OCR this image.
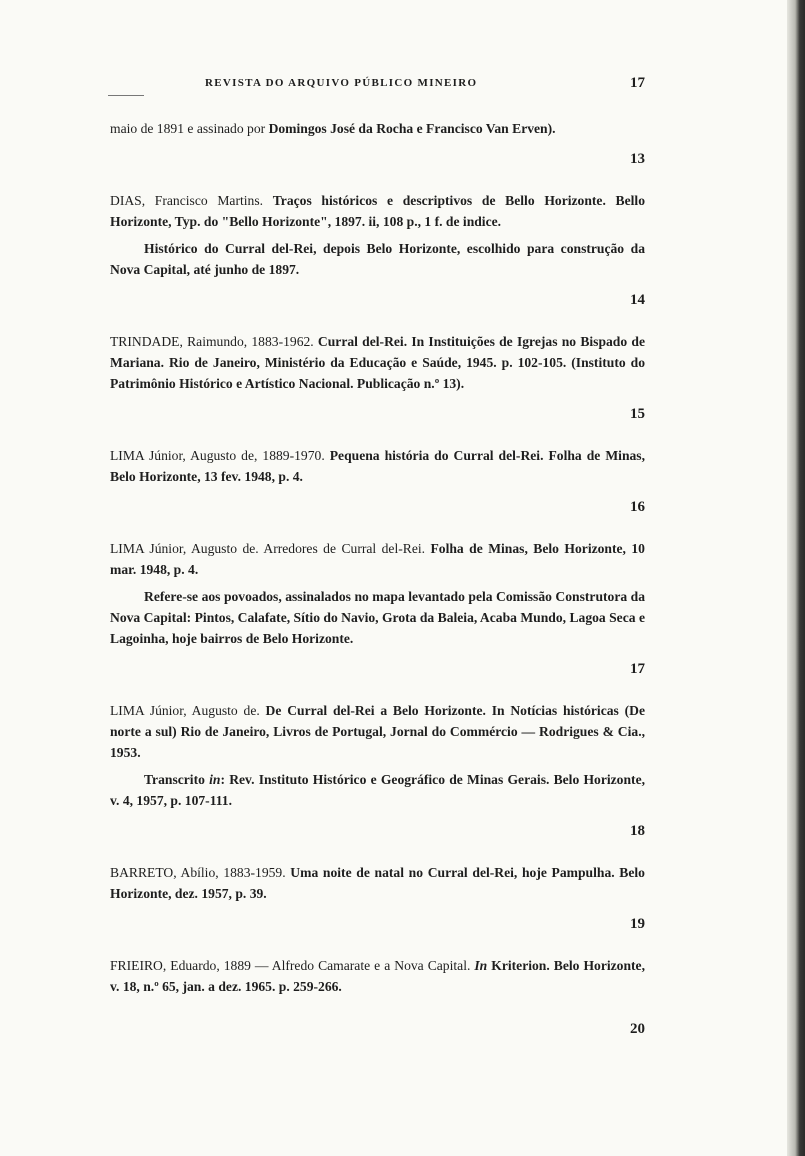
REVISTA DO ARQUIVO PÚBLICO MINEIRO	17

maio de 1891 e assinado por Domingos José da Rocha e Francisco Van Erven).

13

DIAS, Francisco Martins. Traços históricos e descriptivos de Bello Horizonte. Bello Horizonte, Typ. do "Bello Horizonte", 1897. ii, 108 p., 1 f. de indice.

Histórico do Curral del-Rei, depois Belo Horizonte, escolhido para construção da Nova Capital, até junho de 1897.

14

TRINDADE, Raimundo, 1883-1962. Curral del-Rei. In Instituições de Igrejas no Bispado de Mariana. Rio de Janeiro, Ministério da Educação e Saúde, 1945. p. 102-105. (Instituto do Patrimônio Histórico e Artístico Nacional. Publicação n.º 13).

15

LIMA Júnior, Augusto de, 1889-1970. Pequena história do Curral del-Rei. Folha de Minas, Belo Horizonte, 13 fev. 1948, p. 4.

16

LIMA Júnior, Augusto de. Arredores de Curral del-Rei. Folha de Minas, Belo Horizonte, 10 mar. 1948, p. 4.

Refere-se aos povoados, assinalados no mapa levantado pela Comissão Construtora da Nova Capital: Pintos, Calafate, Sítio do Navio, Grota da Baleia, Acaba Mundo, Lagoa Seca e Lagoinha, hoje bairros de Belo Horizonte.

17

LIMA Júnior, Augusto de. De Curral del-Rei a Belo Horizonte. In Notícias históricas (De norte a sul) Rio de Janeiro, Livros de Portugal, Jornal do Commércio — Rodrigues & Cia., 1953.

Transcrito in: Rev. Instituto Histórico e Geográfico de Minas Gerais. Belo Horizonte, v. 4, 1957, p. 107-111.

18

BARRETO, Abílio, 1883-1959. Uma noite de natal no Curral del-Rei, hoje Pampulha. Belo Horizonte, dez. 1957, p. 39.

19

FRIEIRO, Eduardo, 1889 — Alfredo Camarate e a Nova Capital. In Kriterion. Belo Horizonte, v. 18, n.º 65, jan. a dez. 1965. p. 259-266.

20
